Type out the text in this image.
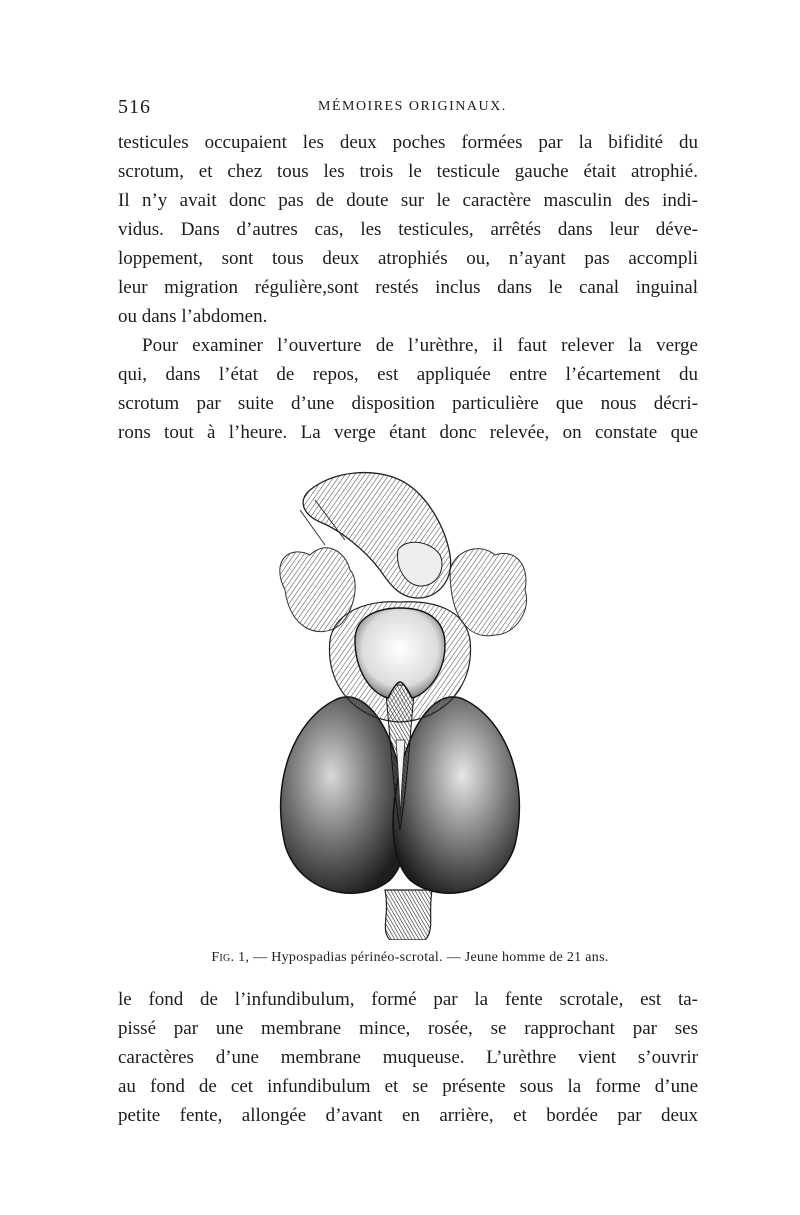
516	MÉMOIRES ORIGINAUX.
testicules occupaient les deux poches formées par la bifidité du
scrotum, et chez tous les trois le testicule gauche était atrophié.
Il n’y avait donc pas de doute sur le caractère masculin des indi-
vidus. Dans d’autres cas, les testicules, arrêtés dans leur déve-
loppement, sont tous deux atrophiés ou, n’ayant pas accompli
leur migration régulière,sont restés inclus dans le canal inguinal
ou dans l’abdomen.
Pour examiner l’ouverture de l’urèthre, il faut relever la verge
qui, dans l’état de repos, est appliquée entre l’écartement du
scrotum par suite d’une disposition particulière que nous décri-
rons tout à l’heure. La verge étant donc relevée, on constate que
Fig. 1, — Hypospadias périnéo-scrotal. — Jeune homme de 21 ans.
le fond de l’infundibulum, formé par la fente scrotale, est ta-
pissé par une membrane mince, rosée, se rapprochant par ses
caractères d’une membrane muqueuse. L’urèthre vient s’ouvrir
au fond de cet infundibulum et se présente sous la forme d’une
petite fente, allongée d’avant en arrière, et bordée par deux
